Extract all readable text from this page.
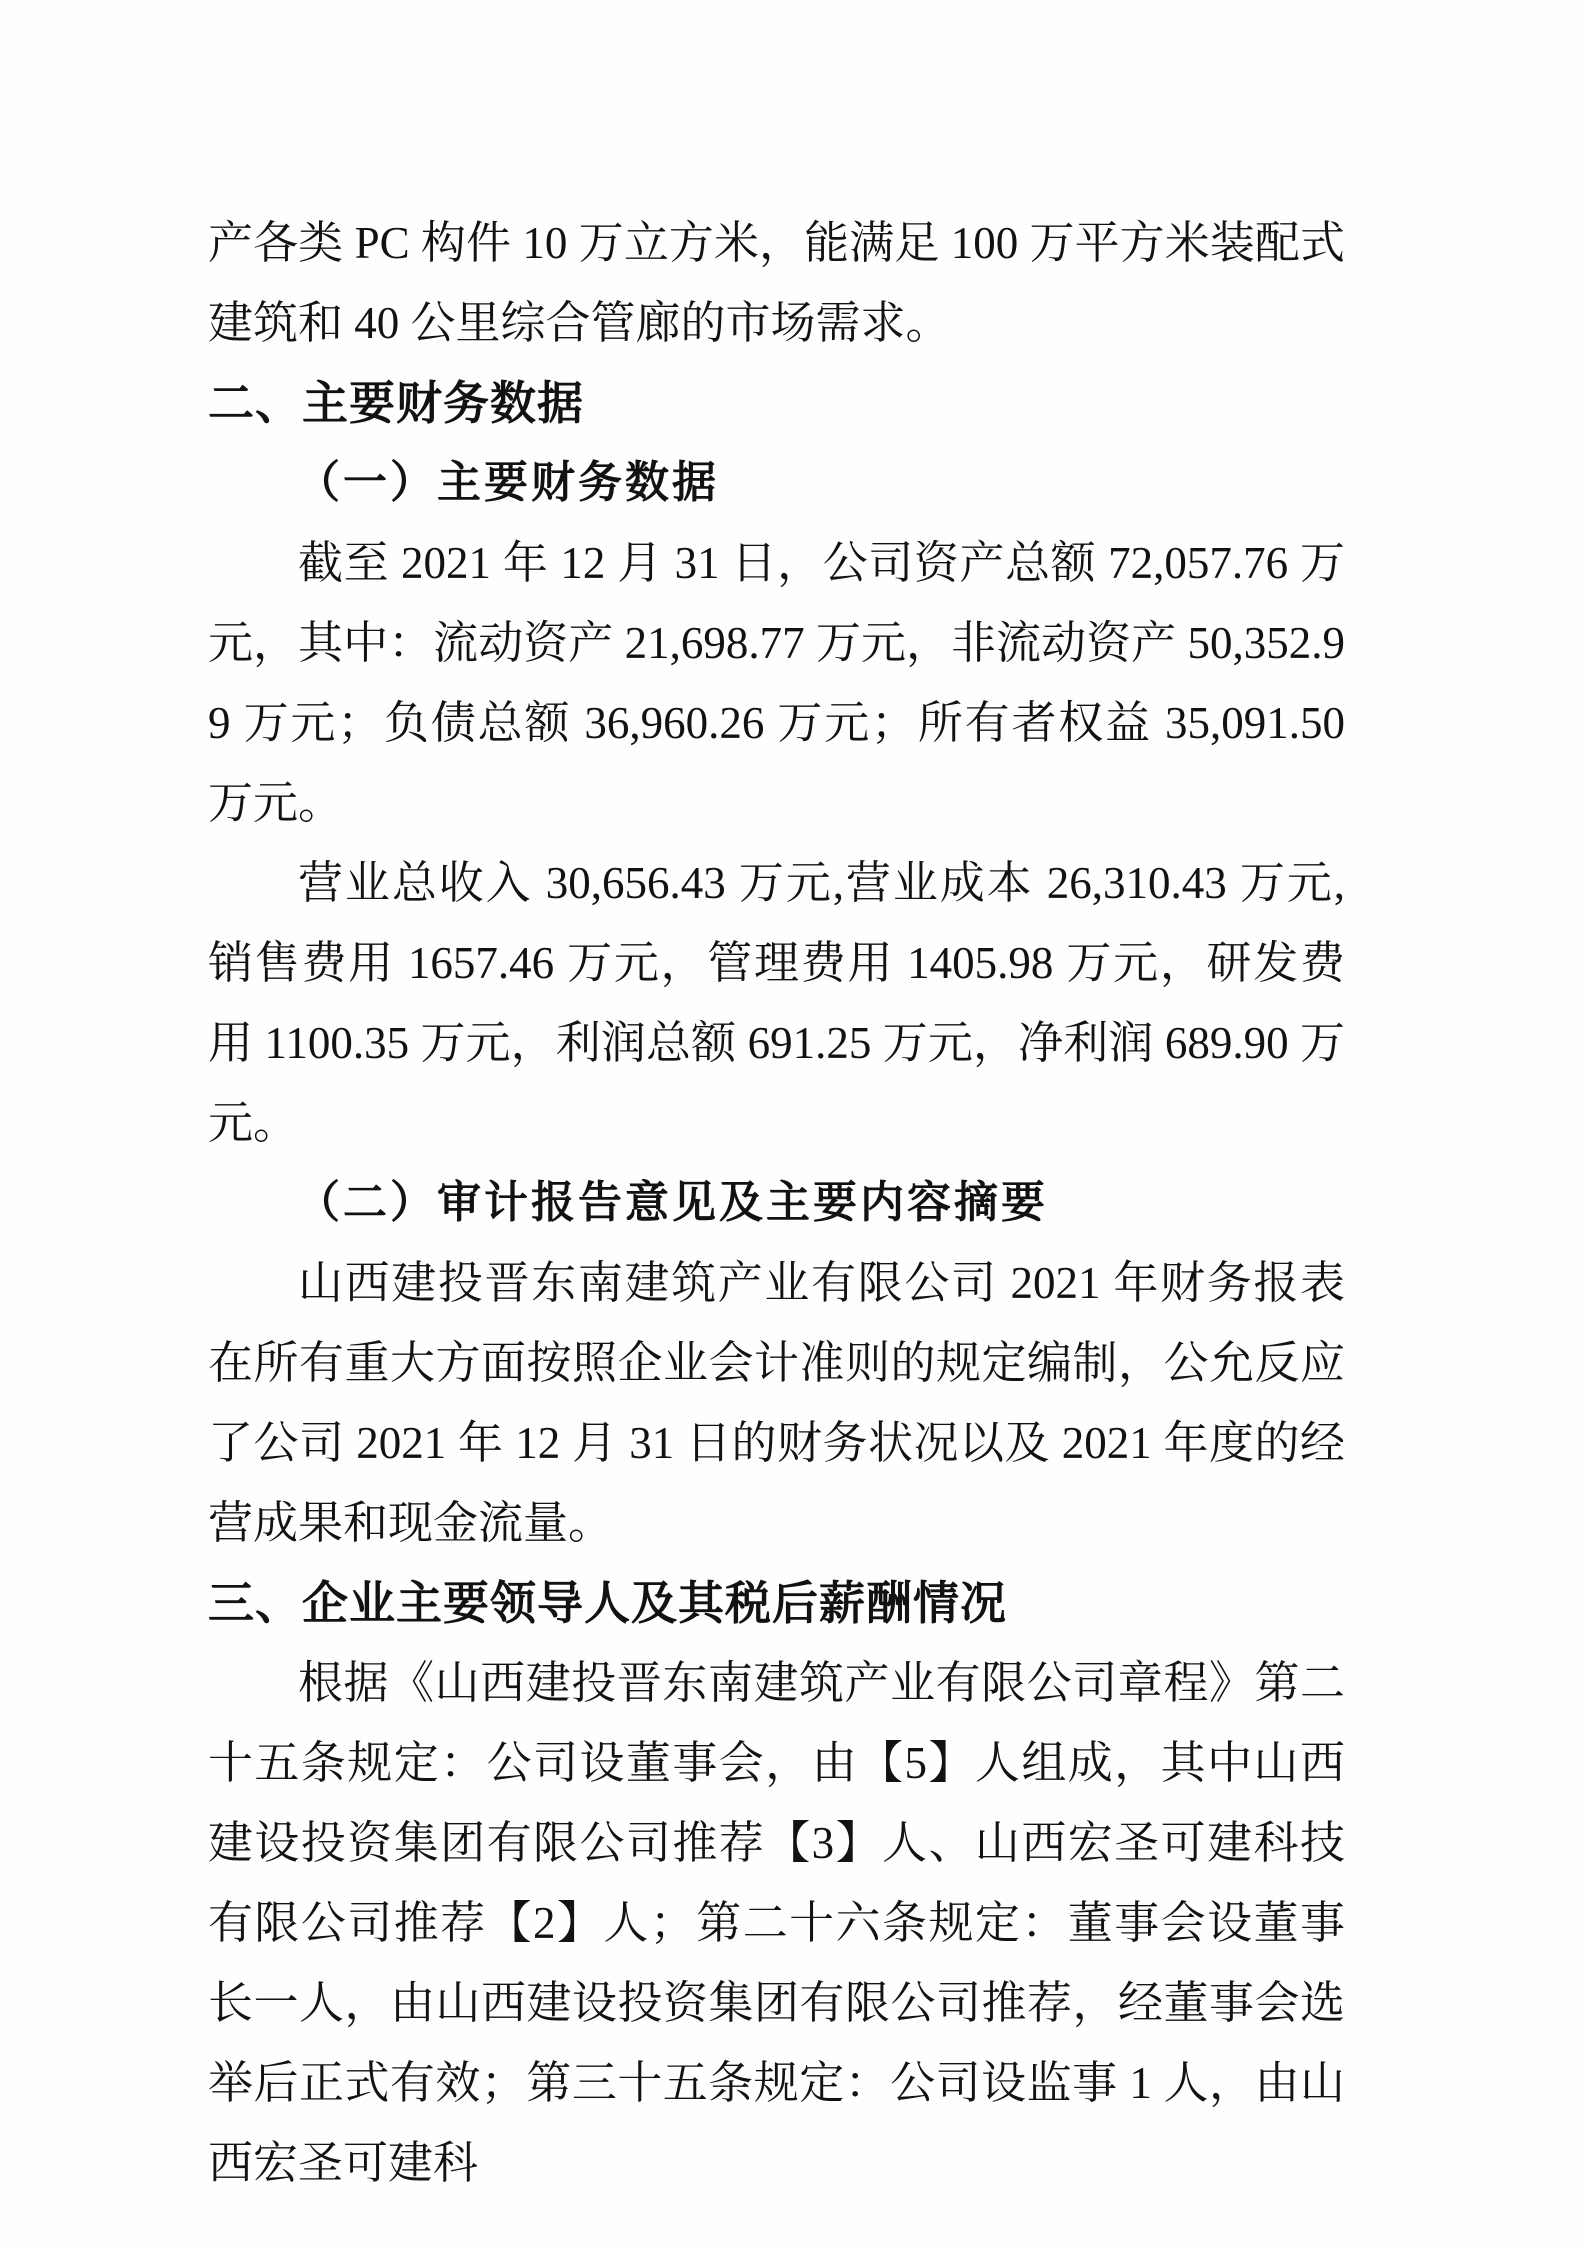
产各类 PC 构件 10 万立方米，能满足 100 万平方米装配式建筑和 40 公里综合管廊的市场需求。

二、主要财务数据
（一）主要财务数据

截至 2021 年 12 月 31 日，公司资产总额 72,057.76 万元，其中：流动资产 21,698.77 万元，非流动资产 50,352.99 万元；负债总额 36,960.26 万元；所有者权益 35,091.50 万元。

营业总收入 30,656.43 万元,营业成本 26,310.43 万元,销售费用 1657.46 万元，管理费用 1405.98 万元，研发费用 1100.35 万元，利润总额 691.25 万元，净利润 689.90 万元。

（二）审计报告意见及主要内容摘要

山西建投晋东南建筑产业有限公司 2021 年财务报表在所有重大方面按照企业会计准则的规定编制，公允反应了公司 2021 年 12 月 31 日的财务状况以及 2021 年度的经营成果和现金流量。

三、企业主要领导人及其税后薪酬情况

根据《山西建投晋东南建筑产业有限公司章程》第二十五条规定：公司设董事会，由【5】人组成，其中山西建设投资集团有限公司推荐【3】人、山西宏圣可建科技有限公司推荐【2】人；第二十六条规定：董事会设董事长一人，由山西建设投资集团有限公司推荐，经董事会选举后正式有效；第三十五条规定：公司设监事 1 人，由山西宏圣可建科
